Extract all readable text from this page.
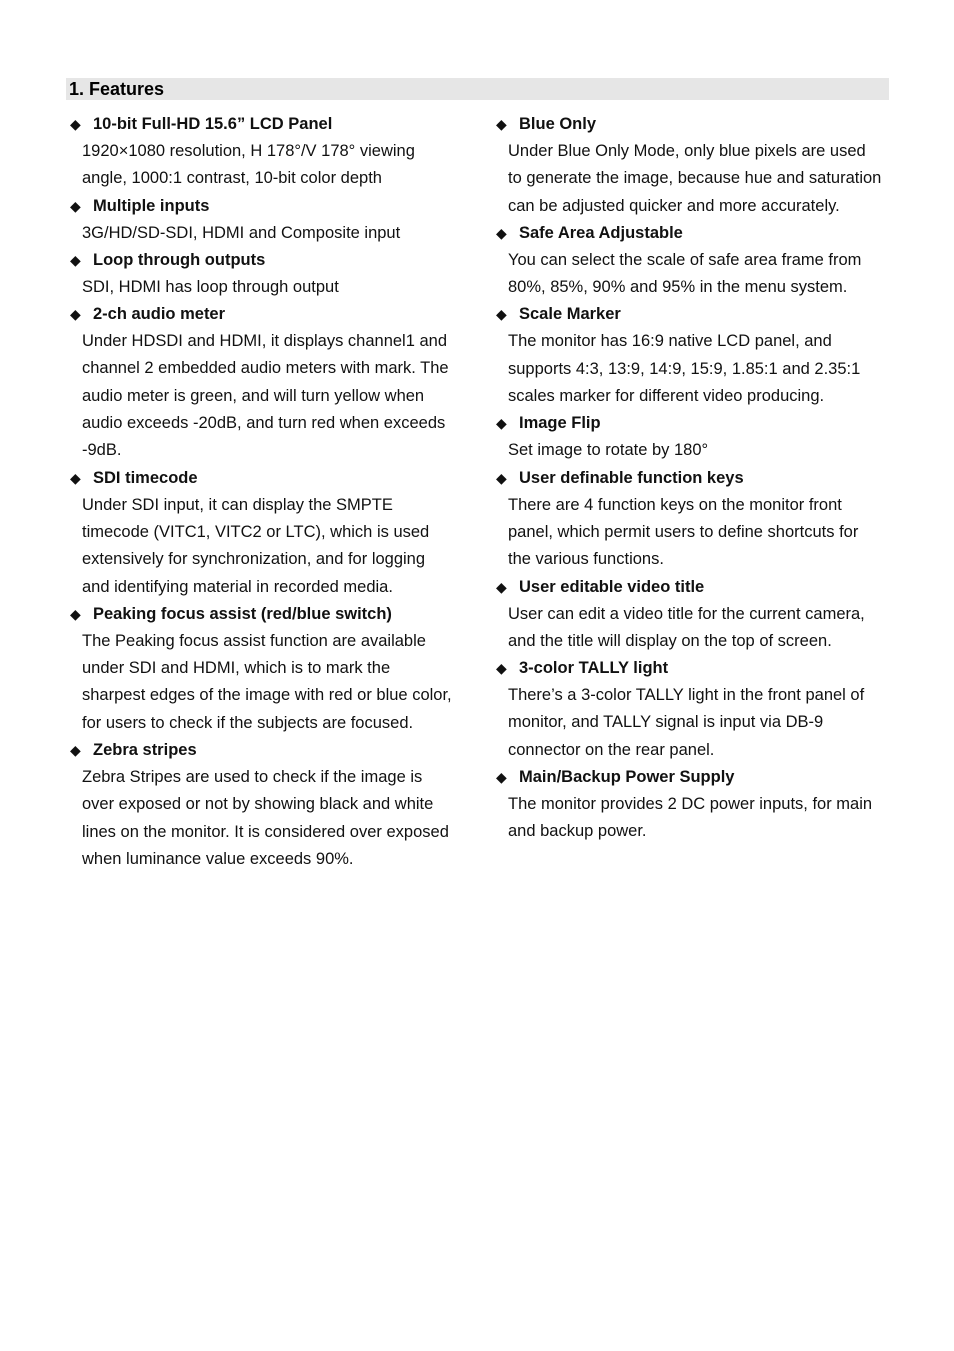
1. Features
◆ 10-bit Full-HD 15.6” LCD Panel
1920×1080 resolution, H 178°/V 178° viewing
angle, 1000:1 contrast, 10-bit color depth
◆ Multiple inputs
3G/HD/SD-SDI, HDMI and Composite input
◆ Loop through outputs
SDI, HDMI has loop through output
◆ 2-ch audio meter
Under HDSDI and HDMI, it displays channel1 and
channel 2 embedded audio meters with mark. The
audio meter is green, and will turn yellow when
audio exceeds -20dB, and turn red when exceeds
-9dB.
◆ SDI timecode
Under SDI input, it can display the SMPTE
timecode (VITC1, VITC2 or LTC), which is used
extensively for synchronization, and for logging
and identifying material in recorded media.
◆ Peaking focus assist (red/blue switch)
The Peaking focus assist function are available
under SDI and HDMI, which is to mark the
sharpest edges of the image with red or blue color,
for users to check if the subjects are focused.
◆ Zebra stripes
Zebra Stripes are used to check if the image is
over exposed or not by showing black and white
lines on the monitor. It is considered over exposed
when luminance value exceeds 90%.
◆ Blue Only
Under Blue Only Mode, only blue pixels are used
to generate the image, because hue and saturation
can be adjusted quicker and more accurately.
◆ Safe Area Adjustable
You can select the scale of safe area frame from
80%, 85%, 90% and 95% in the menu system.
◆ Scale Marker
The monitor has 16:9 native LCD panel, and
supports 4:3, 13:9, 14:9, 15:9, 1.85:1 and 2.35:1
scales marker for different video producing.
◆ Image Flip
Set image to rotate by 180°
◆ User definable function keys
There are 4 function keys on the monitor front
panel, which permit users to define shortcuts for
the various functions.
◆ User editable video title
User can edit a video title for the current camera,
and the title will display on the top of screen.
◆ 3-color TALLY light
There’s a 3-color TALLY light in the front panel of
monitor, and TALLY signal is input via DB-9
connector on the rear panel.
◆ Main/Backup Power Supply
The monitor provides 2 DC power inputs, for main
and backup power.
